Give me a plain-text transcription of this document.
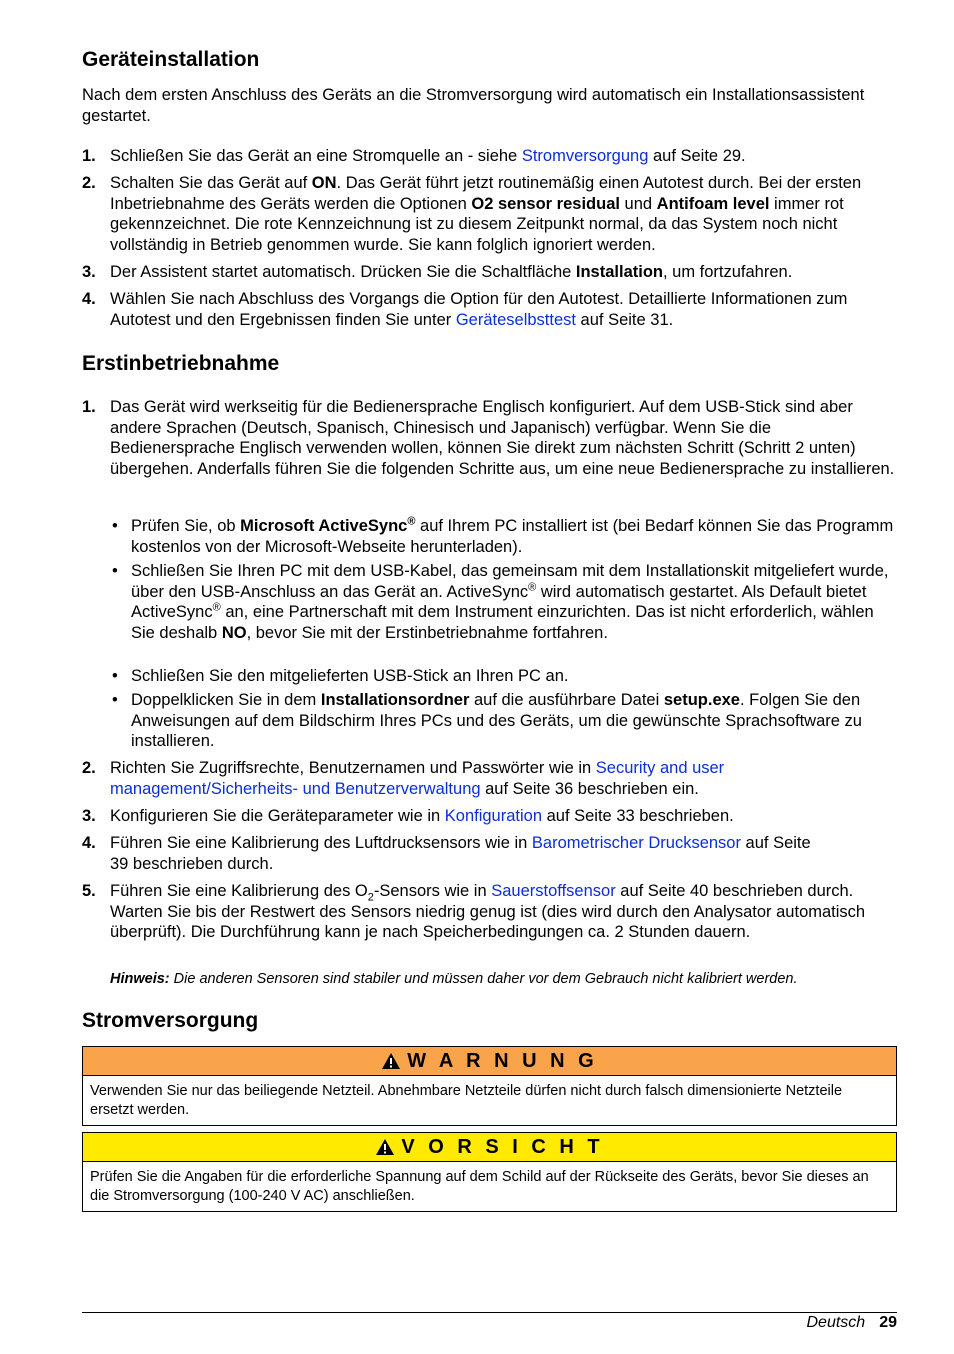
Geräteinstallation

Nach dem ersten Anschluss des Geräts an die Stromversorgung wird automatisch ein Installationsassistent gestartet.

1. Schließen Sie das Gerät an eine Stromquelle an - siehe Stromversorgung auf Seite 29.
2. Schalten Sie das Gerät auf ON. Das Gerät führt jetzt routinemäßig einen Autotest durch. Bei der ersten Inbetriebnahme des Geräts werden die Optionen O2 sensor residual und Antifoam level immer rot gekennzeichnet. Die rote Kennzeichnung ist zu diesem Zeitpunkt normal, da das System noch nicht vollständig in Betrieb genommen wurde. Sie kann folglich ignoriert werden.
3. Der Assistent startet automatisch. Drücken Sie die Schaltfläche Installation, um fortzufahren.
4. Wählen Sie nach Abschluss des Vorgangs die Option für den Autotest. Detaillierte Informationen zum Autotest und den Ergebnissen finden Sie unter Geräteselbsttest auf Seite 31.
Erstinbetriebnahme
1. Das Gerät wird werkseitig für die Bedienersprache Englisch konfiguriert. Auf dem USB-Stick sind aber andere Sprachen (Deutsch, Spanisch, Chinesisch und Japanisch) verfügbar. Wenn Sie die Bedienersprache Englisch verwenden wollen, können Sie direkt zum nächsten Schritt (Schritt 2 unten) übergehen. Anderfalls führen Sie die folgenden Schritte aus, um eine neue Bedienersprache zu installieren.
• Prüfen Sie, ob Microsoft ActiveSync® auf Ihrem PC installiert ist (bei Bedarf können Sie das Programm kostenlos von der Microsoft-Webseite herunterladen).
• Schließen Sie Ihren PC mit dem USB-Kabel, das gemeinsam mit dem Installationskit mitgeliefert wurde, über den USB-Anschluss an das Gerät an. ActiveSync® wird automatisch gestartet. Als Default bietet ActiveSync® an, eine Partnerschaft mit dem Instrument einzurichten. Das ist nicht erforderlich, wählen Sie deshalb NO, bevor Sie mit der Erstinbetriebnahme fortfahren.
• Schließen Sie den mitgelieferten USB-Stick an Ihren PC an.
• Doppelklicken Sie in dem Installationsordner auf die ausführbare Datei setup.exe. Folgen Sie den Anweisungen auf dem Bildschirm Ihres PCs und des Geräts, um die gewünschte Sprachsoftware zu installieren.
2. Richten Sie Zugriffsrechte, Benutzernamen und Passwörter wie in Security and user management/Sicherheits- und Benutzerverwaltung auf Seite 36 beschrieben ein.
3. Konfigurieren Sie die Geräteparameter wie in Konfiguration auf Seite 33 beschrieben.
4. Führen Sie eine Kalibrierung des Luftdrucksensors wie in Barometrischer Drucksensor auf Seite 39 beschrieben durch.
5. Führen Sie eine Kalibrierung des $O_2$-Sensors wie in Sauerstoffsensor auf Seite 40 beschrieben durch. Warten Sie bis der Restwert des Sensors niedrig genug ist (dies wird durch den Analysator automatisch überprüft). Die Durchführung kann je nach Speicherbedingungen ca. 2 Stunden dauern.
Hinweis: Die anderen Sensoren sind stabiler und müssen daher vor dem Gebrauch nicht kalibriert werden.
Stromversorgung
W A R N U N G
Verwenden Sie nur das beiliegende Netzteil. Abnehmbare Netzteile dürfen nicht durch falsch dimensionierte Netzteile ersetzt werden.
V O R S I C H T
Prüfen Sie die Angaben für die erforderliche Spannung auf dem Schild auf der Rückseite des Geräts, bevor Sie dieses an die Stromversorgung (100-240 V AC) anschließen.
Deutsch 29
